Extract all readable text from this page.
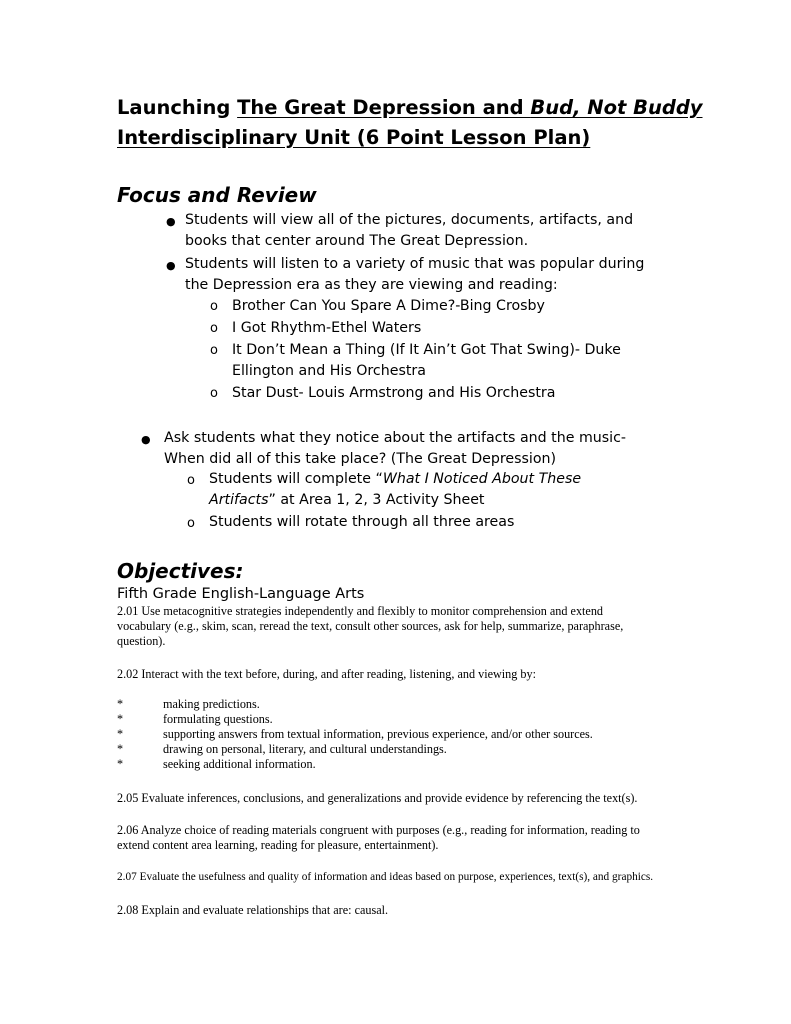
Launching The Great Depression and Bud, Not Buddy
Interdisciplinary Unit (6 Point Lesson Plan)
Focus and Review
● Students will view all of the pictures, documents, artifacts, and
books that center around The Great Depression.
● Students will listen to a variety of music that was popular during
the Depression era as they are viewing and reading:
o Brother Can You Spare A Dime?-Bing Crosby
o I Got Rhythm-Ethel Waters
o It Don’t Mean a Thing (If It Ain’t Got That Swing)- Duke
Ellington and His Orchestra
o Star Dust- Louis Armstrong and His Orchestra
● Ask students what they notice about the artifacts and the music-
When did all of this take place? (The Great Depression)
o Students will complete “What I Noticed About These
Artifacts” at Area 1, 2, 3 Activity Sheet
o Students will rotate through all three areas
Objectives:
Fifth Grade English-Language Arts
2.01 Use metacognitive strategies independently and flexibly to monitor comprehension and extend
vocabulary (e.g., skim, scan, reread the text, consult other sources, ask for help, summarize, paraphrase,
question).
2.02 Interact with the text before, during, and after reading, listening, and viewing by:
*	making predictions.
*	formulating questions.
*	supporting answers from textual information, previous experience, and/or other sources.
*	drawing on personal, literary, and cultural understandings.
*	seeking additional information.
2.05 Evaluate inferences, conclusions, and generalizations and provide evidence by referencing the text(s).
2.06 Analyze choice of reading materials congruent with purposes (e.g., reading for information, reading to
extend content area learning, reading for pleasure, entertainment).
2.07 Evaluate the usefulness and quality of information and ideas based on purpose, experiences, text(s), and graphics.
2.08 Explain and evaluate relationships that are: causal.
